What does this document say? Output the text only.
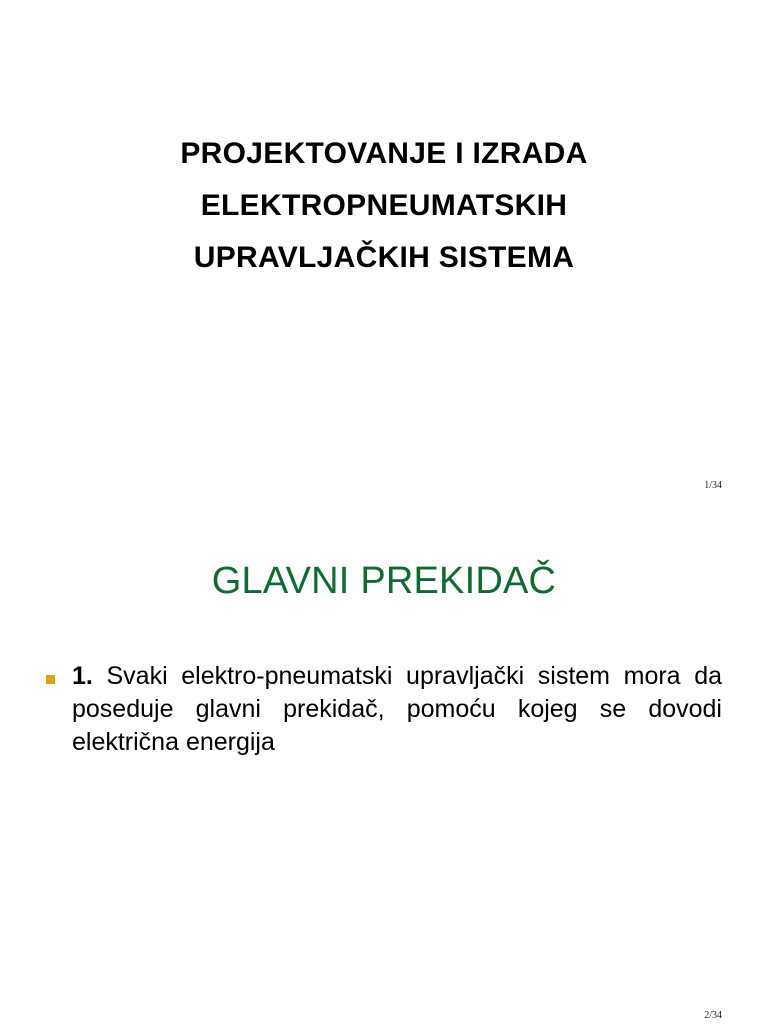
PROJEKTOVANJE I IZRADA
ELEKTROPNEUMATSKIH
UPRAVLJAČKIH SISTEMA
1/34
GLAVNI PREKIDAČ
1. Svaki elektro-pneumatski upravljački sistem mora da poseduje glavni prekidač, pomoću kojeg se dovodi električna energija
2/34
